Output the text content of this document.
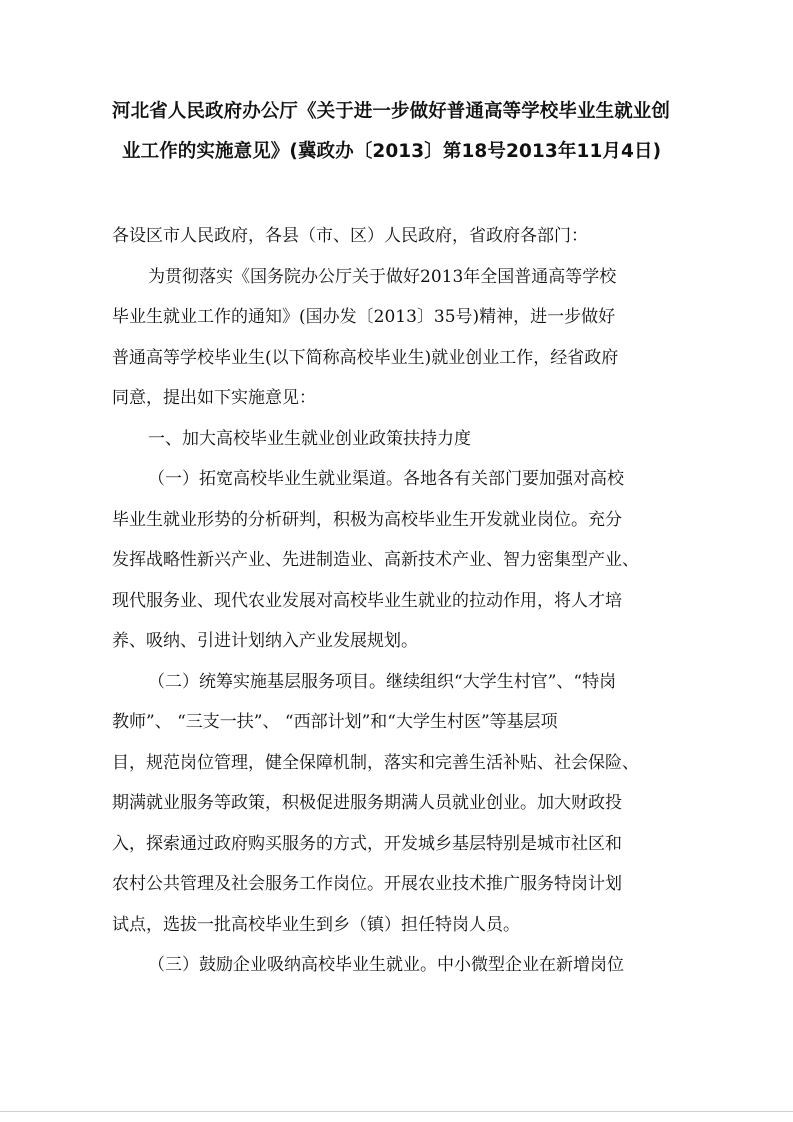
河北省人民政府办公厅《关于进一步做好普通高等学校毕业生就业创
业工作的实施意见》(冀政办〔2013〕第18号2013年11月4日)
各设区市人民政府，各县（市、区）人民政府，省政府各部门：
为贯彻落实《国务院办公厅关于做好2013年全国普通高等学校
毕业生就业工作的通知》(国办发〔2013〕35号)精神，进一步做好
普通高等学校毕业生(以下简称高校毕业生)就业创业工作，经省政府
同意，提出如下实施意见：
一、加大高校毕业生就业创业政策扶持力度
（一）拓宽高校毕业生就业渠道。各地各有关部门要加强对高校
毕业生就业形势的分析研判，积极为高校毕业生开发就业岗位。充分
发挥战略性新兴产业、先进制造业、高新技术产业、智力密集型产业、
现代服务业、现代农业发展对高校毕业生就业的拉动作用，将人才培
养、吸纳、引进计划纳入产业发展规划。
（二）统筹实施基层服务项目。继续组织“大学生村官”、“特岗
教师”、 “三支一扶”、 “西部计划”和“大学生村医”等基层项
目，规范岗位管理，健全保障机制，落实和完善生活补贴、社会保险、
期满就业服务等政策，积极促进服务期满人员就业创业。加大财政投
入，探索通过政府购买服务的方式，开发城乡基层特别是城市社区和
农村公共管理及社会服务工作岗位。开展农业技术推广服务特岗计划
试点，选拔一批高校毕业生到乡（镇）担任特岗人员。
（三）鼓励企业吸纳高校毕业生就业。中小微型企业在新增岗位
